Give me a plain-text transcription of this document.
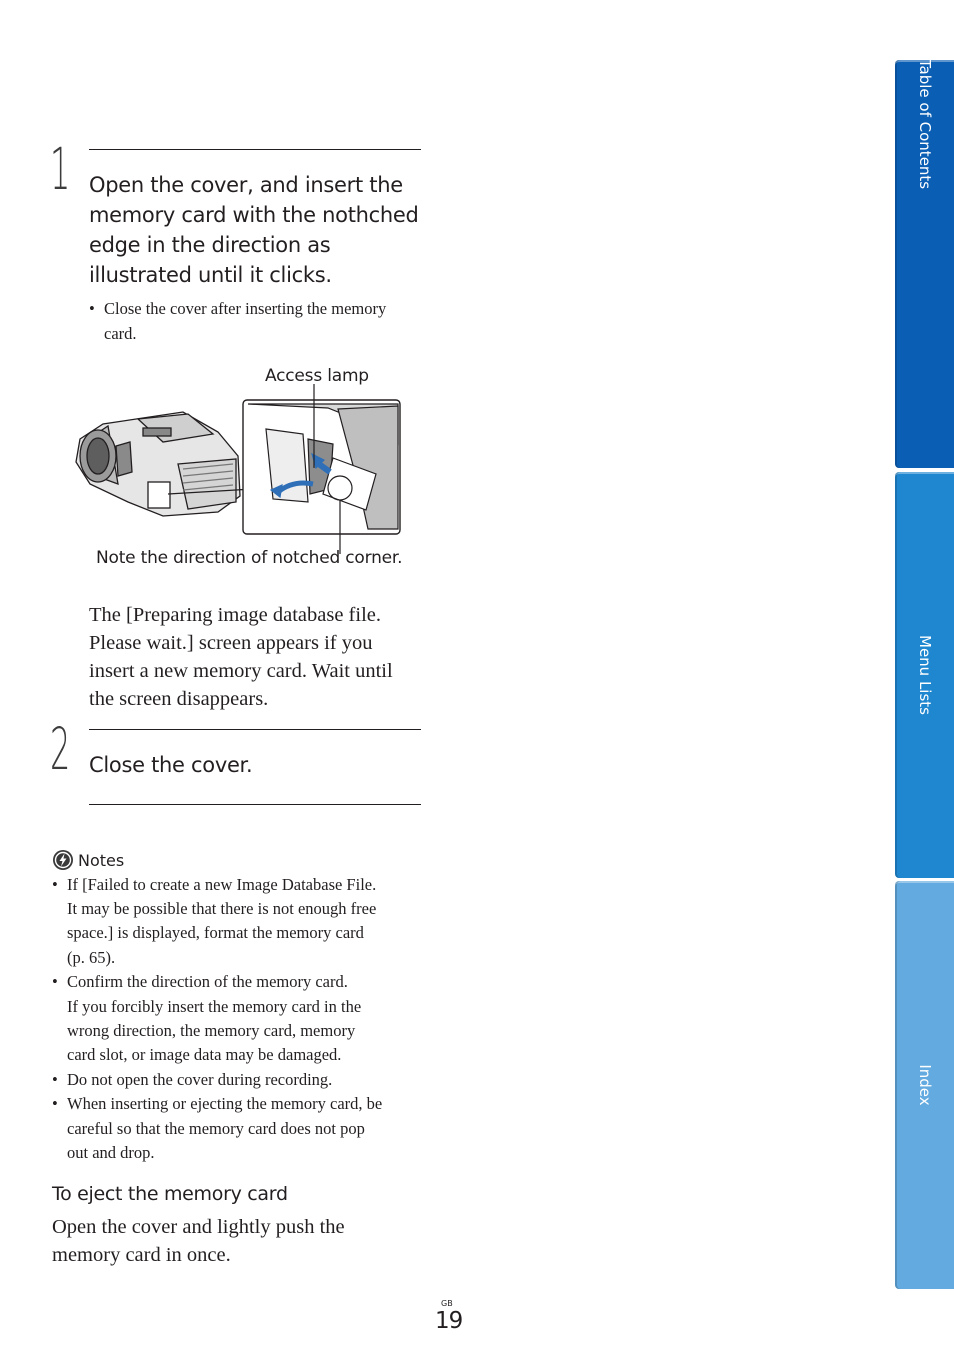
1 Open the cover, and insert the
memory card with the nothched
edge in the direction as
illustrated until it clicks.
• Close the cover after inserting the memory
card.
Access lamp
Note the direction of notched corner.
The [Preparing image database file.
Please wait.] screen appears if you
insert a new memory card. Wait until
the screen disappears.
2 Close the cover.
Notes
• If [Failed to create a new Image Database File.
It may be possible that there is not enough free
space.] is displayed, format the memory card
(p. 65).
• Confirm the direction of the memory card.
If you forcibly insert the memory card in the
wrong direction, the memory card, memory
card slot, or image data may be damaged.
• Do not open the cover during recording.
• When inserting or ejecting the memory card, be
careful so that the memory card does not pop
out and drop.
To eject the memory card
Open the cover and lightly push the
memory card in once.
GB
19
Table of Contents
Menu Lists
Index
